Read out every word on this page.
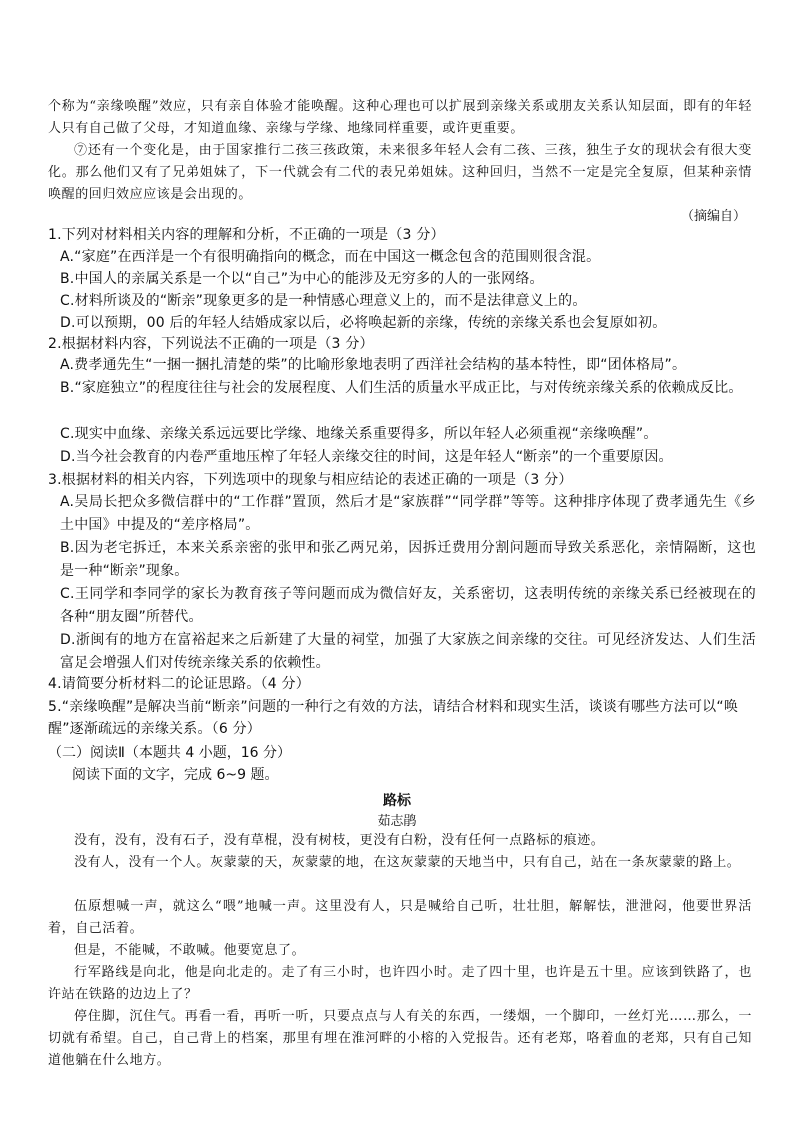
个称为“亲缘唤醒”效应，只有亲自体验才能唤醒。这种心理也可以扩展到亲缘关系或朋友关系认知层面，即有的年轻人只有自己做了父母，才知道血缘、亲缘与学缘、地缘同样重要，或许更重要。
⑦还有一个变化是，由于国家推行二孩三孩政策，未来很多年轻人会有二孩、三孩，独生子女的现状会有很大变化。那么他们又有了兄弟姐妹了，下一代就会有二代的表兄弟姐妹。这种回归，当然不一定是完全复原，但某种亲情唤醒的回归效应应该是会出现的。
（摘编自）
1.下列对材料相关内容的理解和分析，不正确的一项是（3 分）
A.“家庭”在西洋是一个有很明确指向的概念，而在中国这一概念包含的范围则很含混。
B.中国人的亲属关系是一个以“自己”为中心的能涉及无穷多的人的一张网络。
C.材料所谈及的“断亲”现象更多的是一种情感心理意义上的，而不是法律意义上的。
D.可以预期，00 后的年轻人结婚成家以后，必将唤起新的亲缘，传统的亲缘关系也会复原如初。
2.根据材料内容，下列说法不正确的一项是（3 分）
A.费孝通先生“一捆一捆扎清楚的柴”的比喻形象地表明了西洋社会结构的基本特性，即“团体格局”。
B.“家庭独立”的程度往往与社会的发展程度、人们生活的质量水平成正比，与对传统亲缘关系的依赖成反比。
C.现实中血缘、亲缘关系远远要比学缘、地缘关系重要得多，所以年轻人必须重视“亲缘唤醒”。
D.当今社会教育的内卷严重地压榨了年轻人亲缘交往的时间，这是年轻人“断亲”的一个重要原因。
3.根据材料的相关内容，下列选项中的现象与相应结论的表述正确的一项是（3 分）
A.吴局长把众多微信群中的“工作群”置顶，然后才是“家族群”“同学群”等等。这种排序体现了费孝通先生《乡土中国》中提及的“差序格局”。
B.因为老宅拆迁，本来关系亲密的张甲和张乙两兄弟，因拆迁费用分割问题而导致关系恶化，亲情隔断，这也是一种“断亲”现象。
C.王同学和李同学的家长为教育孩子等问题而成为微信好友，关系密切，这表明传统的亲缘关系已经被现在的各种“朋友圈”所替代。
D.浙闽有的地方在富裕起来之后新建了大量的祠堂，加强了大家族之间亲缘的交往。可见经济发达、人们生活富足会增强人们对传统亲缘关系的依赖性。
4.请简要分析材料二的论证思路。（4 分）
5.“亲缘唤醒”是解决当前“断亲”问题的一种行之有效的方法，请结合材料和现实生活，谈谈有哪些方法可以“唤醒”逐渐疏远的亲缘关系。（6 分）
（二）阅读Ⅱ（本题共 4 小题，16 分）
阅读下面的文字，完成 6~9 题。
路标
茹志鹃
没有，没有，没有石子，没有草棍，没有树枝，更没有白粉，没有任何一点路标的痕迹。
没有人，没有一个人。灰蒙蒙的天，灰蒙蒙的地，在这灰蒙蒙的天地当中，只有自己，站在一条灰蒙蒙的路上。
伍原想喊一声，就这么“喂”地喊一声。这里没有人，只是喊给自己听，壮壮胆，解解怯，泄泄闷，他要世界活着，自己活着。
但是，不能喊，不敢喊。他要宽息了。
行军路线是向北，他是向北走的。走了有三小时，也许四小时。走了四十里，也许是五十里。应该到铁路了，也许站在铁路的边边上了？
停住脚，沉住气。再看一看，再听一听，只要点点与人有关的东西，一缕烟，一个脚印，一丝灯光……那么，一切就有希望。自己，自己背上的档案，那里有埋在淮河畔的小榕的入党报告。还有老郑，咯着血的老郑，只有自己知道他躺在什么地方。
